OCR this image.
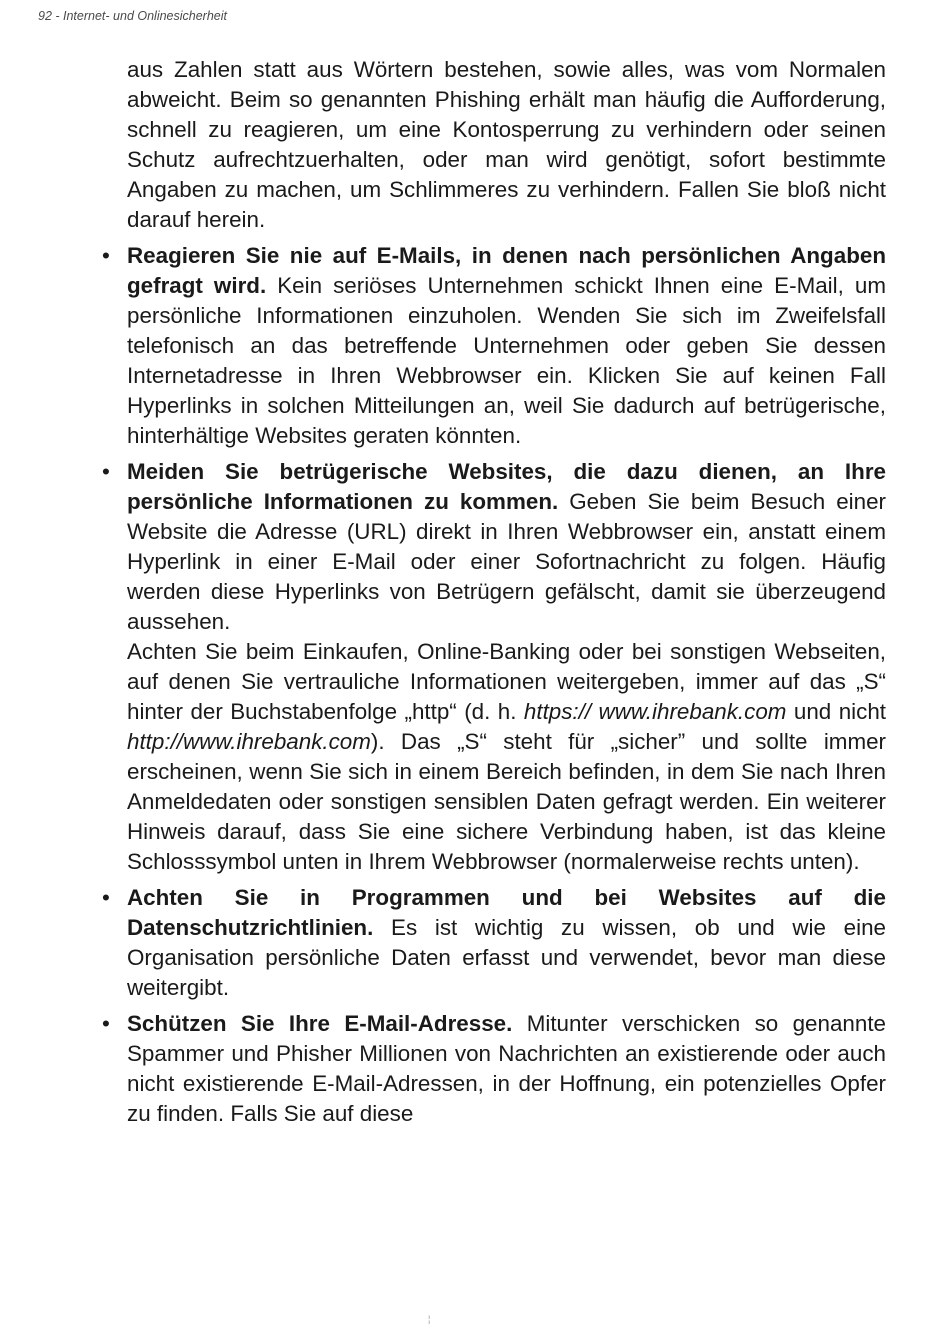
92 - Internet- und Onlinesicherheit

aus Zahlen statt aus Wörtern bestehen, sowie alles, was vom Normalen abweicht. Beim so genannten Phishing erhält man häufig die Aufforderung, schnell zu reagieren, um eine Kontosperrung zu verhindern oder seinen Schutz aufrechtzuerhalten, oder man wird genötigt, sofort bestimmte Angaben zu machen, um Schlimmeres zu verhindern. Fallen Sie bloß nicht darauf herein.

• Reagieren Sie nie auf E-Mails, in denen nach persönlichen Angaben gefragt wird. Kein seriöses Unternehmen schickt Ihnen eine E-Mail, um persönliche Informationen einzuholen. Wenden Sie sich im Zweifelsfall telefonisch an das betreffende Unternehmen oder geben Sie dessen Internetadresse in Ihren Webbrowser ein. Klicken Sie auf keinen Fall Hyperlinks in solchen Mitteilungen an, weil Sie dadurch auf betrügerische, hinterhältige Websites geraten könnten.

• Meiden Sie betrügerische Websites, die dazu dienen, an Ihre persönliche Informationen zu kommen. Geben Sie beim Besuch einer Website die Adresse (URL) direkt in Ihren Webbrowser ein, anstatt einem Hyperlink in einer E-Mail oder einer Sofortnachricht zu folgen. Häufig werden diese Hyperlinks von Betrügern gefälscht, damit sie überzeugend aussehen.

Achten Sie beim Einkaufen, Online-Banking oder bei sonstigen Webseiten, auf denen Sie vertrauliche Informationen weitergeben, immer auf das „S“ hinter der Buchstabenfolge „http“ (d. h. https:// www.ihrebank.com und nicht http://www.ihrebank.com). Das „S“ steht für „sicher” und sollte immer erscheinen, wenn Sie sich in einem Bereich befinden, in dem Sie nach Ihren Anmeldedaten oder sonstigen sensiblen Daten gefragt werden. Ein weiterer Hinweis darauf, dass Sie eine sichere Verbindung haben, ist das kleine Schlosssymbol unten in Ihrem Webbrowser (normalerweise rechts unten).

• Achten Sie in Programmen und bei Websites auf die Datenschutzrichtlinien. Es ist wichtig zu wissen, ob und wie eine Organisation persönliche Daten erfasst und verwendet, bevor man diese weitergibt.

• Schützen Sie Ihre E-Mail-Adresse. Mitunter verschicken so genannte Spammer und Phisher Millionen von Nachrichten an existierende oder auch nicht existierende E-Mail-Adressen, in der Hoffnung, ein potenzielles Opfer zu finden. Falls Sie auf diese

¦
